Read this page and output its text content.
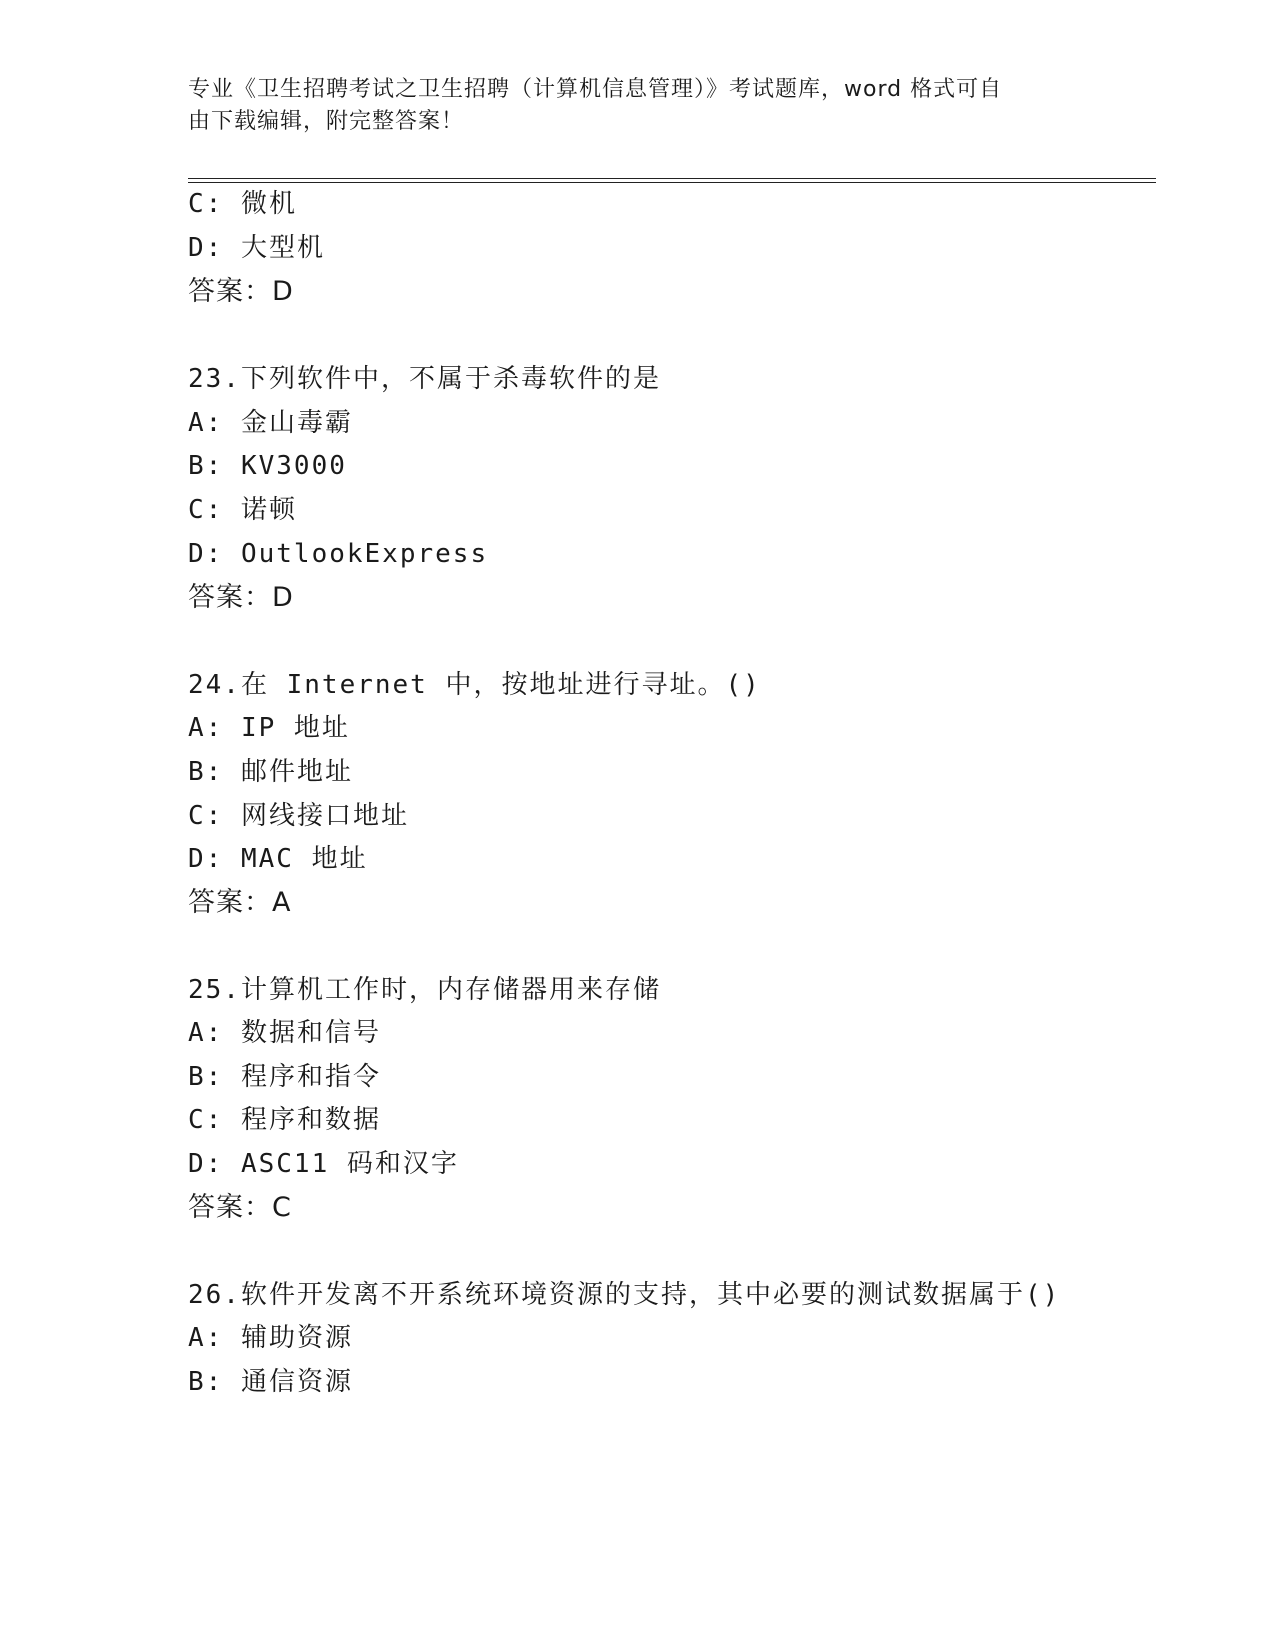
专业《卫生招聘考试之卫生招聘（计算机信息管理）》考试题库，word 格式可自
由下载编辑，附完整答案！
C: 微机
D: 大型机
答案：D
23.下列软件中，不属于杀毒软件的是
A: 金山毒霸
B: KV3000
C: 诺顿
D: OutlookExpress
答案：D
24.在 Internet 中，按地址进行寻址。()
A: IP 地址
B: 邮件地址
C: 网线接口地址
D: MAC 地址
答案：A
25.计算机工作时，内存储器用来存储
A: 数据和信号
B: 程序和指令
C: 程序和数据
D: ASC11 码和汉字
答案：C
26.软件开发离不开系统环境资源的支持，其中必要的测试数据属于()
A: 辅助资源
B: 通信资源
